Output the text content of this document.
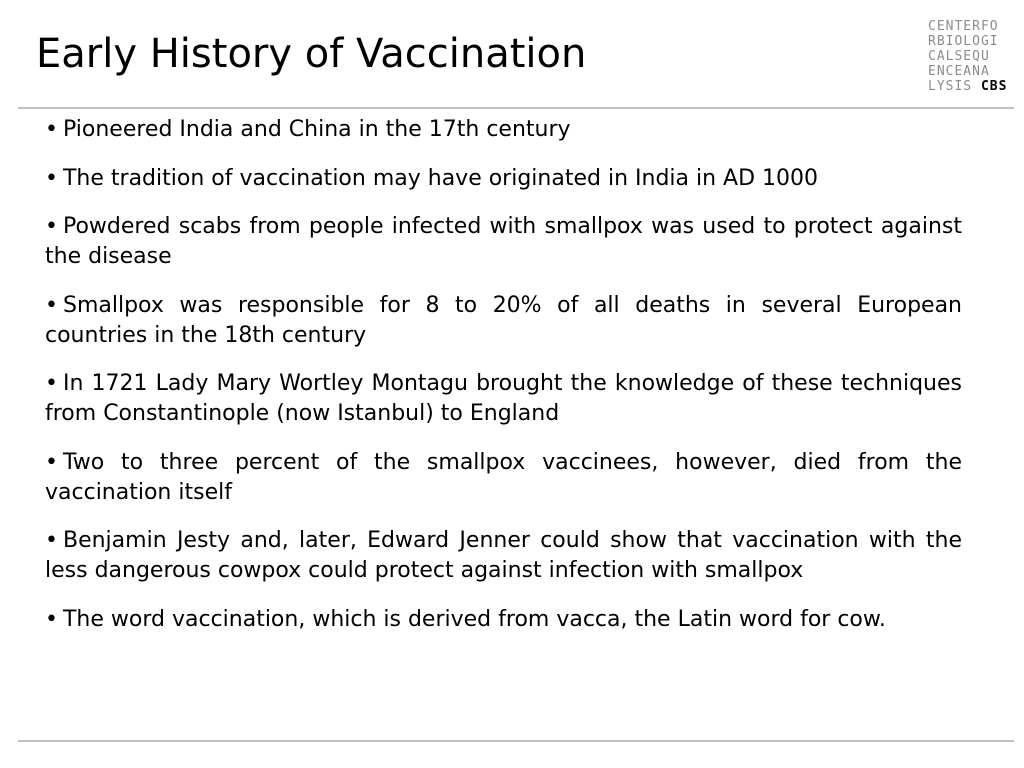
Early History of Vaccination
CENTERFO
RBIOLOGI
CALSEQU
ENCEANA
LYSIS CBS
• Pioneered India and China in the 17th century
• The tradition of vaccination may have originated in India in AD 1000
• Powdered scabs from people infected with smallpox was used to protect against the disease
• Smallpox was responsible for 8 to 20% of all deaths in several European countries in the 18th century
• In 1721 Lady Mary Wortley Montagu brought the knowledge of these techniques from Constantinople (now Istanbul) to England
• Two to three percent of the smallpox vaccinees, however, died from the vaccination itself
• Benjamin Jesty and, later, Edward Jenner could show that vaccination with the less dangerous cowpox could protect against infection with smallpox
• The word vaccination, which is derived from vacca, the Latin word for cow.
